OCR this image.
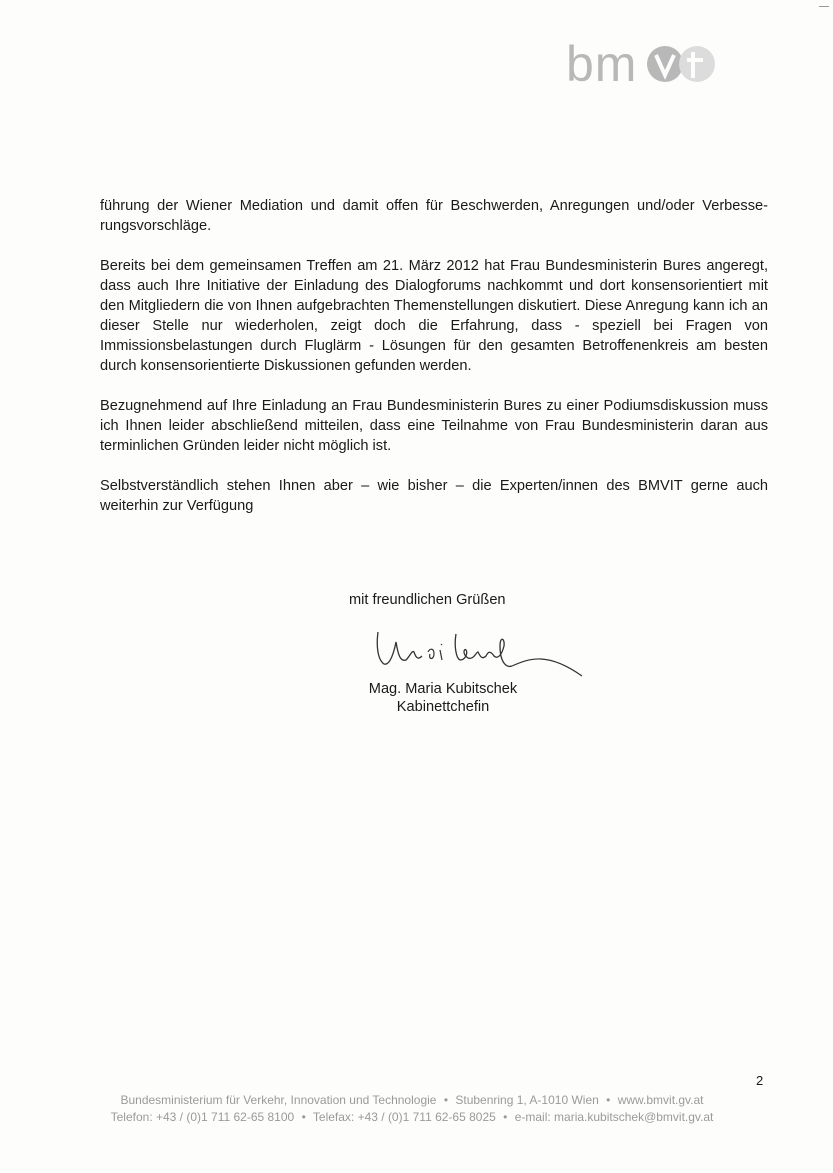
bm

führung der Wiener Mediation und damit offen für Beschwerden, Anregungen und/oder Verbesse-rungsvorschläge.

Bereits bei dem gemeinsamen Treffen am 21. März 2012 hat Frau Bundesministerin Bures angeregt, dass auch Ihre Initiative der Einladung des Dialogforums nachkommt und dort konsensorientiert mit den Mitgliedern die von Ihnen aufgebrachten Themenstellungen diskutiert. Diese Anregung kann ich an dieser Stelle nur wiederholen, zeigt doch die Erfahrung, dass - speziell bei Fragen von Immissionsbelastungen durch Fluglärm - Lösungen für den gesamten Betroffenenkreis am besten durch konsensorientierte Diskussionen gefunden werden.

Bezugnehmend auf Ihre Einladung an Frau Bundesministerin Bures zu einer Podiumsdiskussion muss ich Ihnen leider abschließend mitteilen, dass eine Teilnahme von Frau Bundesministerin daran aus terminlichen Gründen leider nicht möglich ist.

Selbstverständlich stehen Ihnen aber – wie bisher – die Experten/innen des BMVIT gerne auch weiterhin zur Verfügung

mit freundlichen Grüßen
Mag. Maria Kubitschek
Kabinettchefin
2
Bundesministerium für Verkehr, Innovation und Technologie • Stubenring 1, A-1010 Wien • www.bmvit.gv.at
Telefon: +43 / (0)1 711 62-65 8100 • Telefax: +43 / (0)1 711 62-65 8025 • e-mail: maria.kubitschek@bmvit.gv.at
